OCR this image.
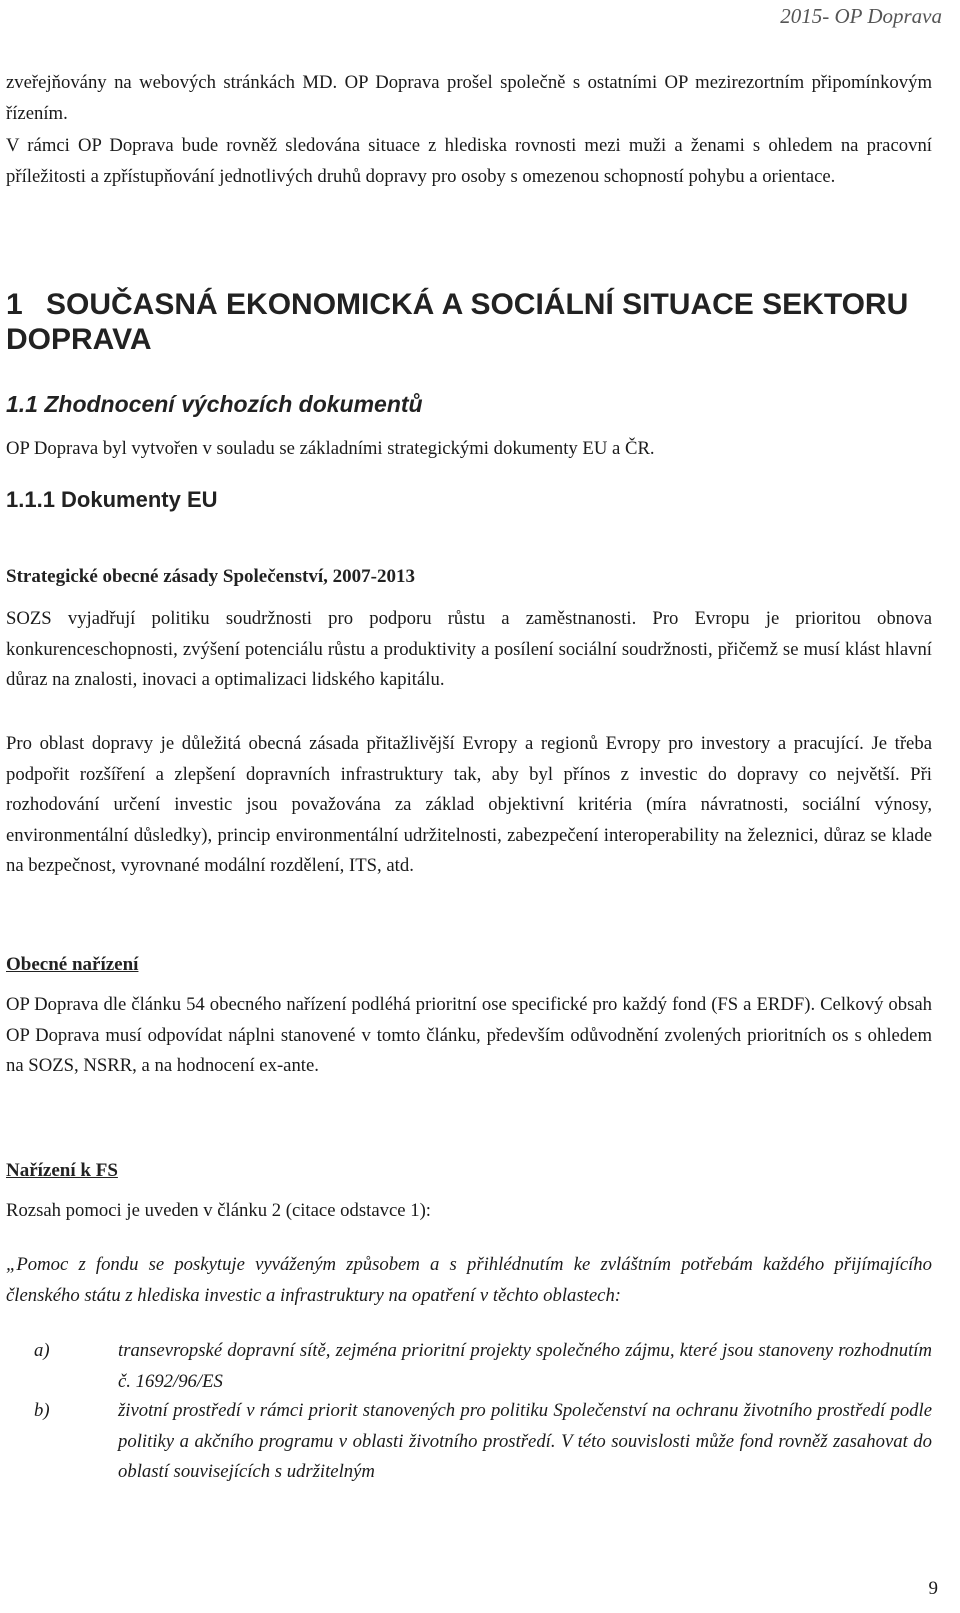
2015- OP Doprava

zveřejňovány na webových stránkách MD. OP Doprava prošel společně s ostatními OP mezirezortním připomínkovým řízením.

V rámci OP Doprava bude rovněž sledována situace z hlediska rovnosti mezi muži a ženami s ohledem na pracovní příležitosti a zpřístupňování jednotlivých druhů dopravy pro osoby s omezenou schopností pohybu a orientace.

1 SOUČASNÁ EKONOMICKÁ A SOCIÁLNÍ SITUACE SEKTORU DOPRAVA
1.1 Zhodnocení výchozích dokumentů

OP Doprava byl vytvořen v souladu se základními strategickými dokumenty EU a ČR.

1.1.1 Dokumenty EU
Strategické obecné zásady Společenství, 2007-2013

SOZS vyjadřují politiku soudržnosti pro podporu růstu a zaměstnanosti. Pro Evropu je prioritou obnova konkurenceschopnosti, zvýšení potenciálu růstu a produktivity a posílení sociální soudržnosti, přičemž se musí klást hlavní důraz na znalosti, inovaci a optimalizaci lidského kapitálu.

Pro oblast dopravy je důležitá obecná zásada přitažlivější Evropy a regionů Evropy pro investory a pracující. Je třeba podpořit rozšíření a zlepšení dopravních infrastruktury tak, aby byl přínos z investic do dopravy co největší. Při rozhodování určení investic jsou považována za základ objektivní kritéria (míra návratnosti, sociální výnosy, environmentální důsledky), princip environmentální udržitelnosti, zabezpečení interoperability na železnici, důraz se klade na bezpečnost, vyrovnané modální rozdělení, ITS, atd.

Obecné nařízení

OP Doprava dle článku 54 obecného nařízení podléhá prioritní ose specifické pro každý fond (FS a ERDF). Celkový obsah OP Doprava musí odpovídat náplni stanovené v tomto článku, především odůvodnění zvolených prioritních os s ohledem na SOZS, NSRR, a na hodnocení ex-ante.

Nařízení k FS

Rozsah pomoci je uveden v článku 2 (citace odstavce 1):

„Pomoc z fondu se poskytuje vyváženým způsobem a s přihlédnutím ke zvláštním potřebám každého přijímajícího členského státu z hlediska investic a infrastruktury na opatření v těchto oblastech:

a)	transevropské dopravní sítě, zejména prioritní projekty společného zájmu, které jsou stanoveny rozhodnutím č. 1692/96/ES
b)	životní prostředí v rámci priorit stanovených pro politiku Společenství na ochranu životního prostředí podle politiky a akčního programu v oblasti životního prostředí. V této souvislosti může fond rovněž zasahovat do oblastí souvisejících s udržitelným
9
